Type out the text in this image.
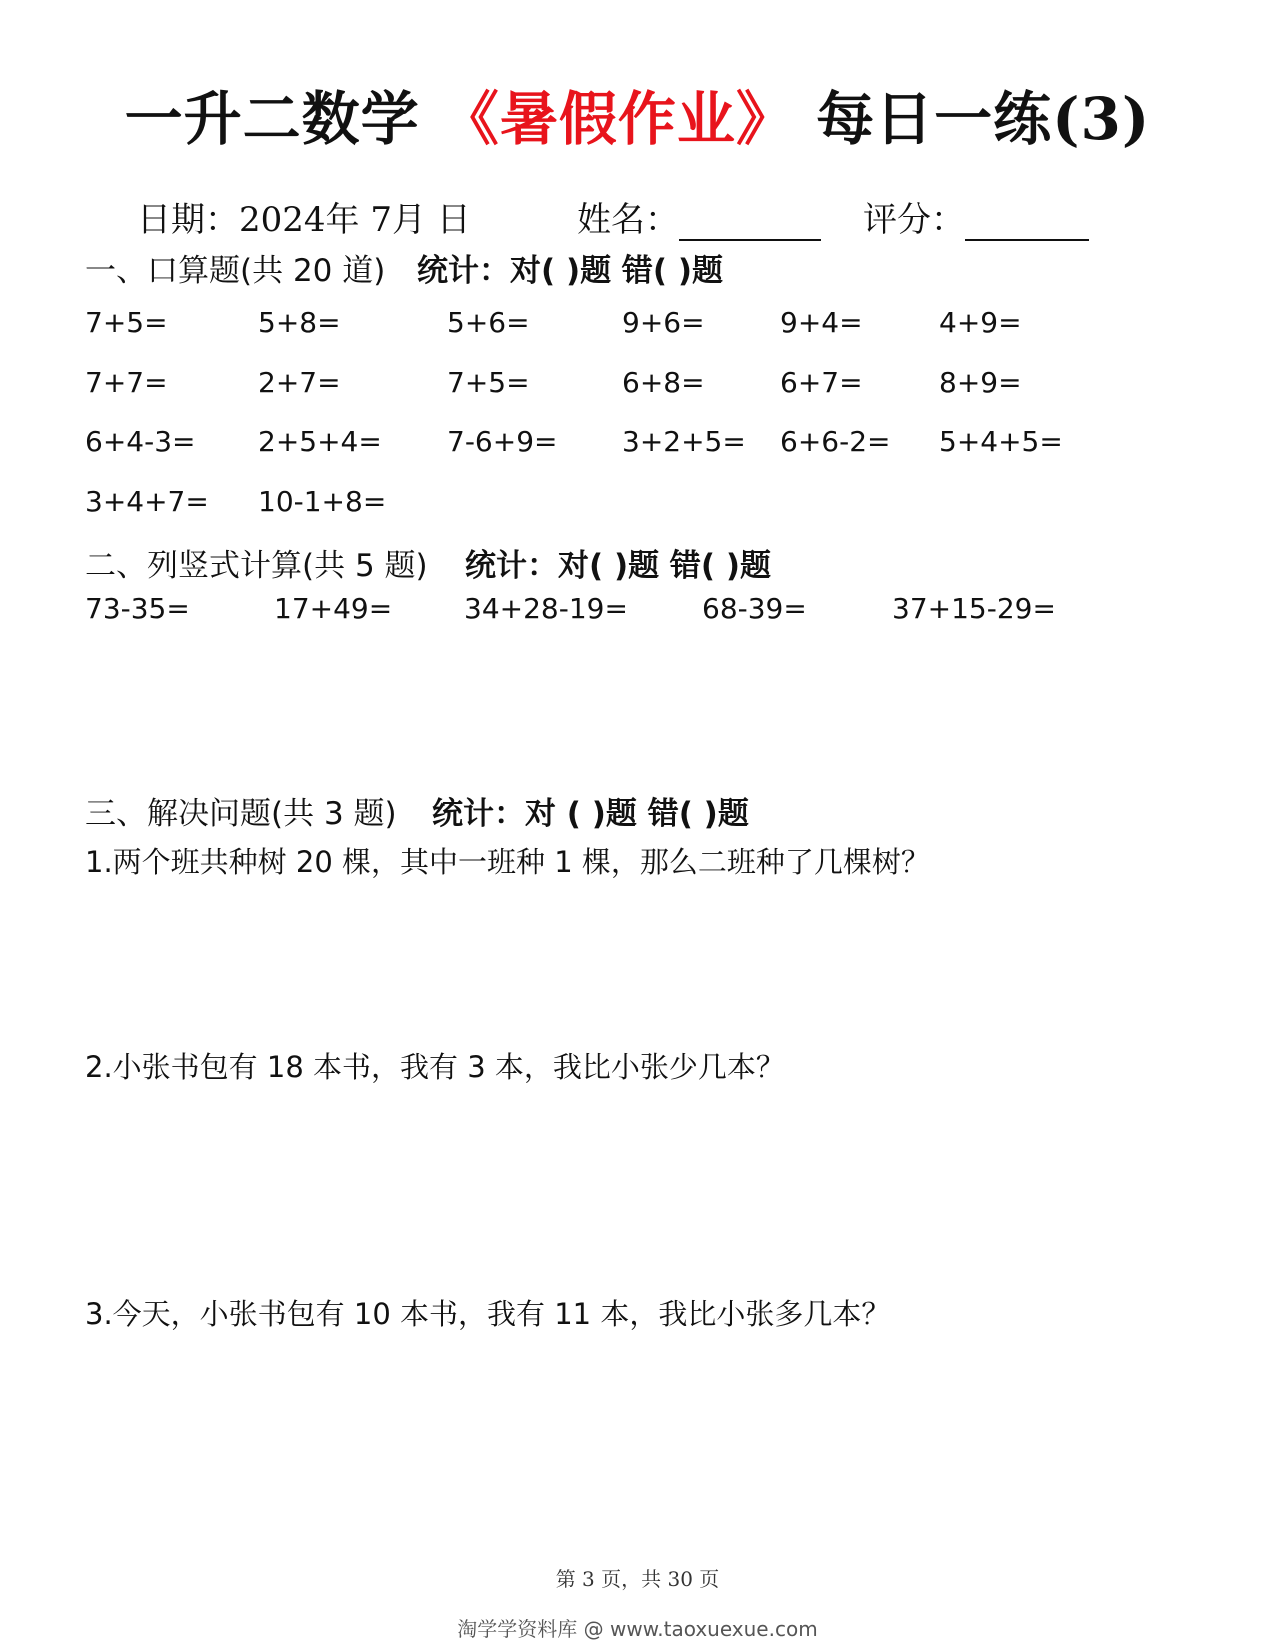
一升二数学 《暑假作业》 每日一练(3)
日期：2024年 7月 日	姓名：	评分：
一、口算题(共 20 道) 统计：对( )题 错( )题
7+5=	5+8=	5+6=	9+6=	9+4=	4+9=
7+7=	2+7=	7+5=	6+8=	6+7=	8+9=
6+4-3= 2+5+4= 7-6+9= 3+2+5= 6+6-2= 5+4+5=
3+4+7= 10-1+8=
二、列竖式计算(共 5 题) 统计：对( )题 错( )题
73-35=	17+49=	34+28-19=	68-39=	37+15-29=
三、解决问题(共 3 题) 统计：对 ( )题 错( )题
1.两个班共种树 20 棵，其中一班种 1 棵，那么二班种了几棵树？
2.小张书包有 18 本书，我有 3 本，我比小张少几本？
3.今天，小张书包有 10 本书，我有 11 本，我比小张多几本？
第 3 页，共 30 页
淘学学资料库 @ www.taoxuexue.com
